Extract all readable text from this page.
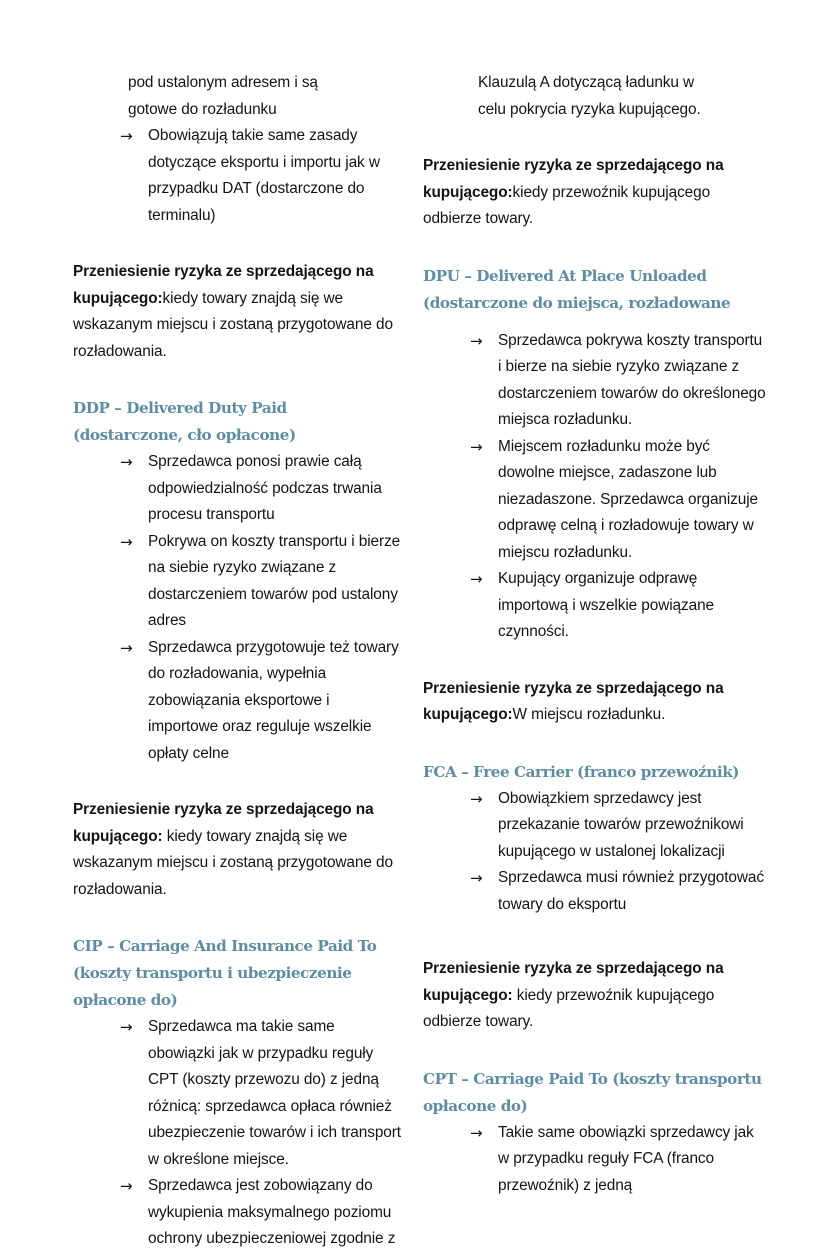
pod ustalonym adresem i są

gotowe do rozładunku

→ Obowiązują takie same zasady dotyczące eksportu i importu jak w przypadku DAT (dostarczone do terminalu)

Przeniesienie ryzyka ze sprzedającego na kupującego:kiedy towary znajdą się we wskazanym miejscu i zostaną przygotowane do rozładowania.

DDP – Delivered Duty Paid (dostarczone, cło opłacone)
→ Sprzedawca ponosi prawie całą odpowiedzialność podczas trwania procesu transportu
→ Pokrywa on koszty transportu i bierze na siebie ryzyko związane z dostarczeniem towarów pod ustalony adres
→ Sprzedawca przygotowuje też towary do rozładowania, wypełnia zobowiązania eksportowe i importowe oraz reguluje wszelkie opłaty celne

Przeniesienie ryzyka ze sprzedającego na kupującego: kiedy towary znajdą się we wskazanym miejscu i zostaną przygotowane do rozładowania.

CIP – Carriage And Insurance Paid To (koszty transportu i ubezpieczenie opłacone do)
→ Sprzedawca ma takie same obowiązki jak w przypadku reguły CPT (koszty przewozu do) z jedną różnicą: sprzedawca opłaca również ubezpieczenie towarów i ich transport w określone miejsce.
→ Sprzedawca jest zobowiązany do wykupienia maksymalnego poziomu ochrony ubezpieczeniowej zgodnie z

Klauzulą A dotyczącą ładunku w

celu pokrycia ryzyka kupującego.

Przeniesienie ryzyka ze sprzedającego na kupującego:kiedy przewoźnik kupującego odbierze towary.

DPU – Delivered At Place Unloaded (dostarczone do miejsca, rozładowane
→ Sprzedawca pokrywa koszty transportu i bierze na siebie ryzyko związane z dostarczeniem towarów do określonego miejsca rozładunku.
→ Miejscem rozładunku może być dowolne miejsce, zadaszone lub niezadaszone. Sprzedawca organizuje odprawę celną i rozładowuje towary w miejscu rozładunku.
→ Kupujący organizuje odprawę importową i wszelkie powiązane czynności.

Przeniesienie ryzyka ze sprzedającego na kupującego:W miejscu rozładunku.

FCA – Free Carrier (franco przewoźnik)
→ Obowiązkiem sprzedawcy jest przekazanie towarów przewoźnikowi kupującego w ustalonej lokalizacji
→ Sprzedawca musi również przygotować towary do eksportu

Przeniesienie ryzyka ze sprzedającego na kupującego: kiedy przewoźnik kupującego odbierze towary.

CPT – Carriage Paid To (koszty transportu opłacone do)
→ Takie same obowiązki sprzedawcy jak w przypadku reguły FCA (franco przewoźnik) z jedną
